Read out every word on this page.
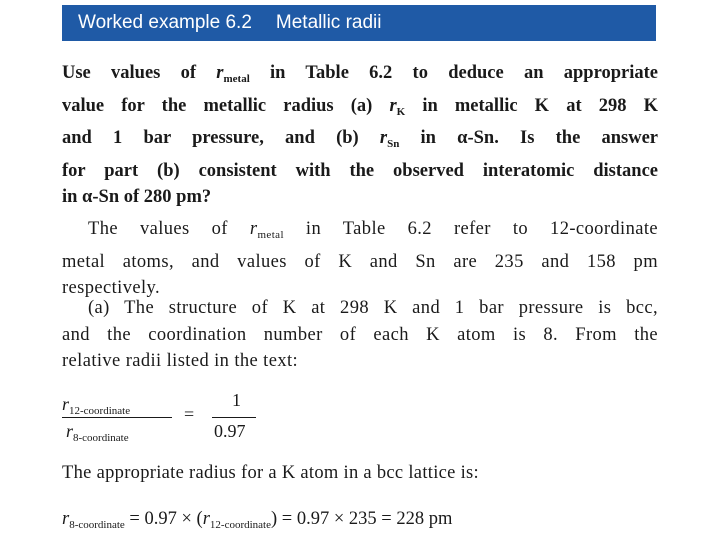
Worked example 6.2 Metallic radii
Use values of $r_{metal}$ in Table 6.2 to deduce an appropriate
value for the metallic radius (a) $r_K$ in metallic K at 298 K
and 1 bar pressure, and (b) $r_{Sn}$ in α-Sn. Is the answer
for part (b) consistent with the observed interatomic distance
in α-Sn of 280 pm?
The values of $r_{metal}$ in Table 6.2 refer to 12-coordinate
metal atoms, and values of K and Sn are 235 and 158 pm
respectively.
(a) The structure of K at 298 K and 1 bar pressure is bcc,
and the coordination number of each K atom is 8. From the
relative radii listed in the text:
$r_{12-coordinate}$
$r_{8-coordinate}$
=
1
0.97
The appropriate radius for a K atom in a bcc lattice is:
$r_{8-coordinate} = 0.97 \times (r_{12-coordinate}) = 0.97 \times 235 = 228$ pm
